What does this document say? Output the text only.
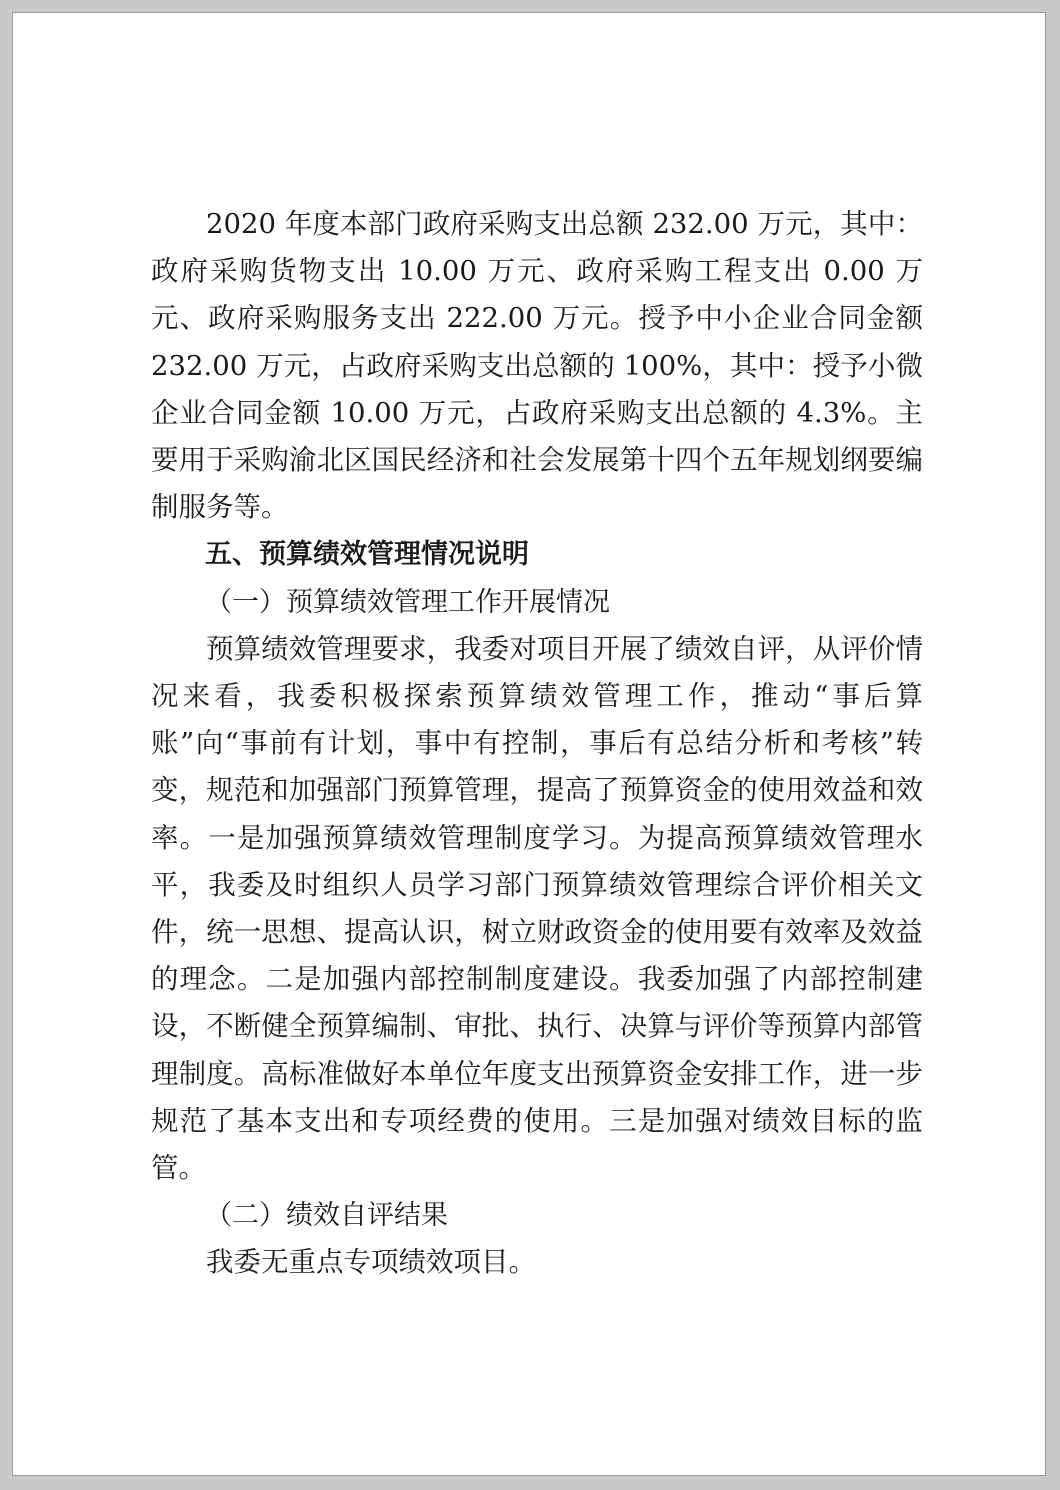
2020 年度本部门政府采购支出总额 232.00 万元，其中：政府采购货物支出 10.00 万元、政府采购工程支出 0.00 万元、政府采购服务支出 222.00 万元。授予中小企业合同金额 232.00 万元，占政府采购支出总额的 100%，其中：授予小微企业合同金额 10.00 万元，占政府采购支出总额的 4.3%。主要用于采购渝北区国民经济和社会发展第十四个五年规划纲要编制服务等。

五、预算绩效管理情况说明

（一）预算绩效管理工作开展情况

预算绩效管理要求，我委对项目开展了绩效自评，从评价情况来看，我委积极探索预算绩效管理工作，推动“事后算账”向“事前有计划，事中有控制，事后有总结分析和考核”转变，规范和加强部门预算管理，提高了预算资金的使用效益和效率。一是加强预算绩效管理制度学习。为提高预算绩效管理水平，我委及时组织人员学习部门预算绩效管理综合评价相关文件，统一思想、提高认识，树立财政资金的使用要有效率及效益的理念。二是加强内部控制制度建设。我委加强了内部控制建设，不断健全预算编制、审批、执行、决算与评价等预算内部管理制度。高标准做好本单位年度支出预算资金安排工作，进一步规范了基本支出和专项经费的使用。三是加强对绩效目标的监管。

（二）绩效自评结果

我委无重点专项绩效项目。
